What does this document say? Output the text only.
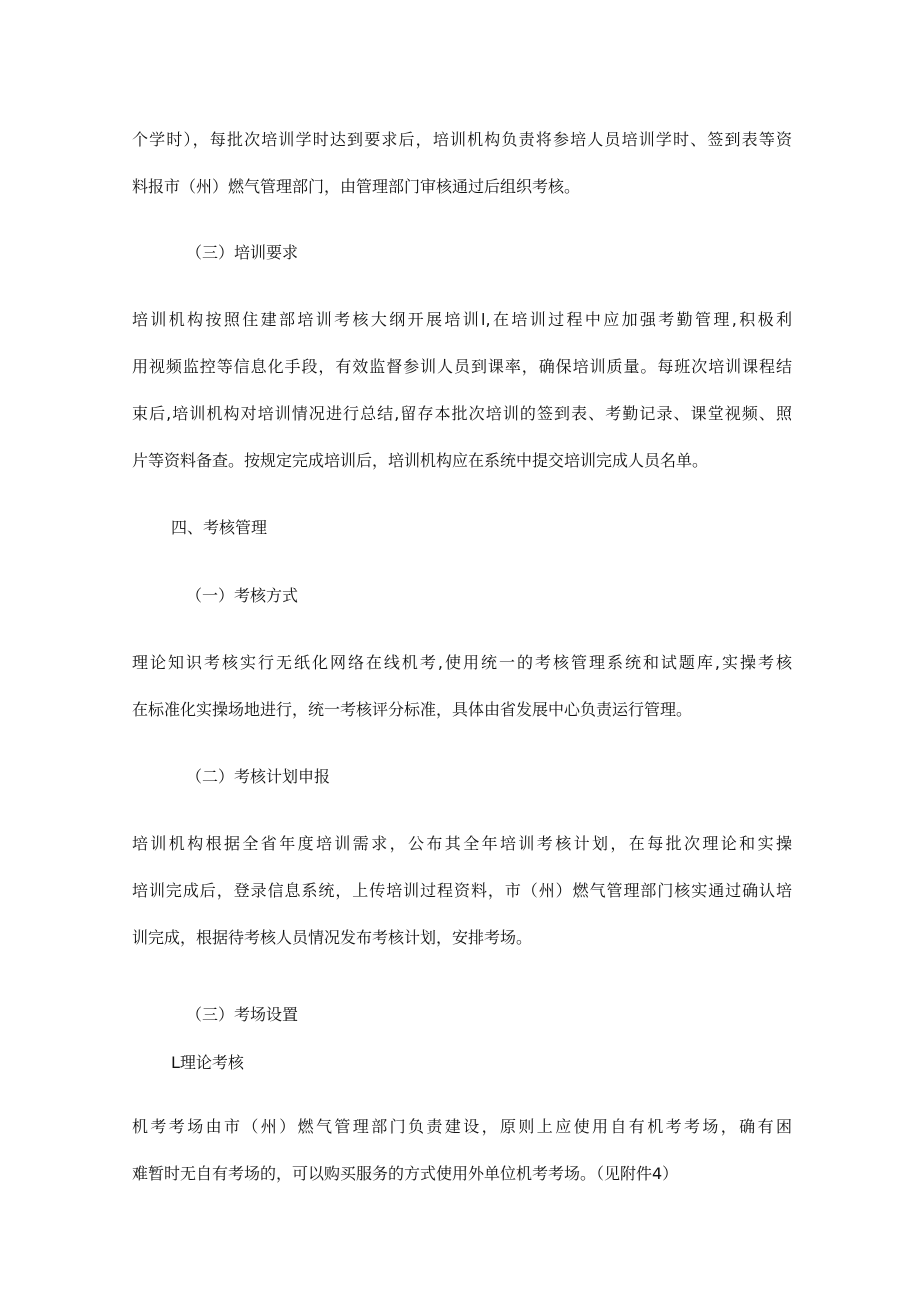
个学时），每批次培训学时达到要求后，培训机构负责将参培人员培训学时、签到表等资
料报市（州）燃气管理部门，由管理部门审核通过后组织考核。
（三）培训要求
培训机构按照住建部培训考核大纲开展培训l,在培训过程中应加强考勤管理,积极利
用视频监控等信息化手段，有效监督参训人员到课率，确保培训质量。每班次培训课程结
束后,培训机构对培训情况进行总结,留存本批次培训的签到表、考勤记录、课堂视频、照
片等资料备查。按规定完成培训后，培训机构应在系统中提交培训完成人员名单。
四、考核管理
（一）考核方式
理论知识考核实行无纸化网络在线机考,使用统一的考核管理系统和试题库,实操考核
在标准化实操场地进行，统一考核评分标准，具体由省发展中心负责运行管理。
（二）考核计划申报
培训机构根据全省年度培训需求，公布其全年培训考核计划，在每批次理论和实操
培训完成后，登录信息系统，上传培训过程资料，市（州）燃气管理部门核实通过确认培
训完成，根据待考核人员情况发布考核计划，安排考场。
（三）考场设置
L理论考核
机考考场由市（州）燃气管理部门负责建设，原则上应使用自有机考考场，确有困
难暂时无自有考场的，可以购买服务的方式使用外单位机考考场。（见附件4）
